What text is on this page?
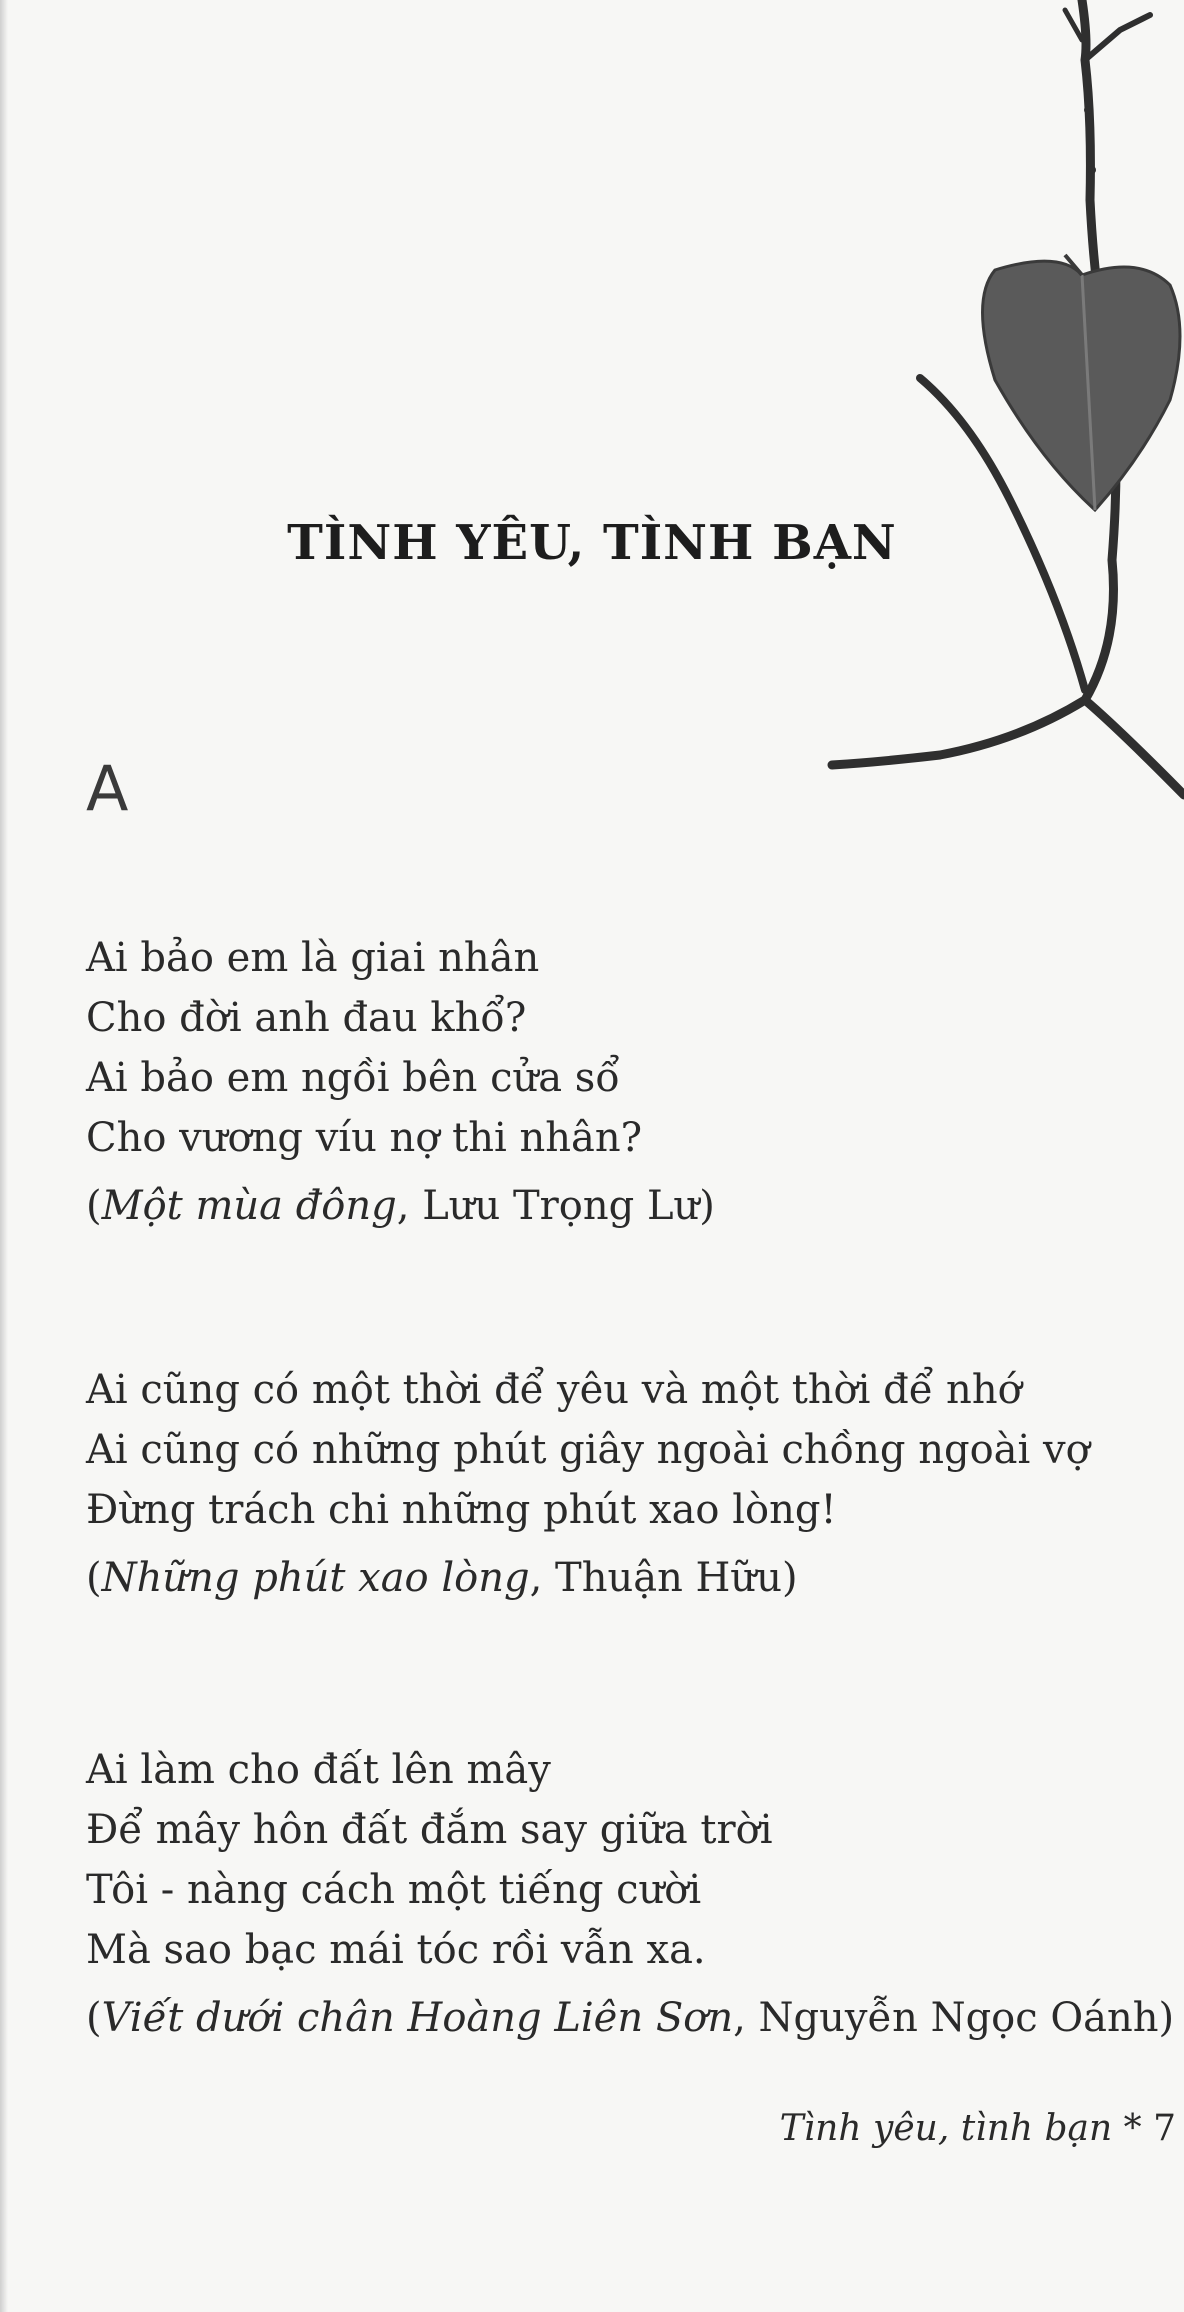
TÌNH YÊU, TÌNH BẠN
A
Ai bảo em là giai nhân
Cho đời anh đau khổ?
Ai bảo em ngồi bên cửa sổ
Cho vương víu nợ thi nhân?
(Một mùa đông, Lưu Trọng Lư)
Ai cũng có một thời để yêu và một thời để nhớ
Ai cũng có những phút giây ngoài chồng ngoài vợ
Đừng trách chi những phút xao lòng!
(Những phút xao lòng, Thuận Hữu)
Ai làm cho đất lên mây
Để mây hôn đất đắm say giữa trời
Tôi - nàng cách một tiếng cười
Mà sao bạc mái tóc rồi vẫn xa.
(Viết dưới chân Hoàng Liên Sơn, Nguyễn Ngọc Oánh)
Tình yêu, tình bạn * 7
